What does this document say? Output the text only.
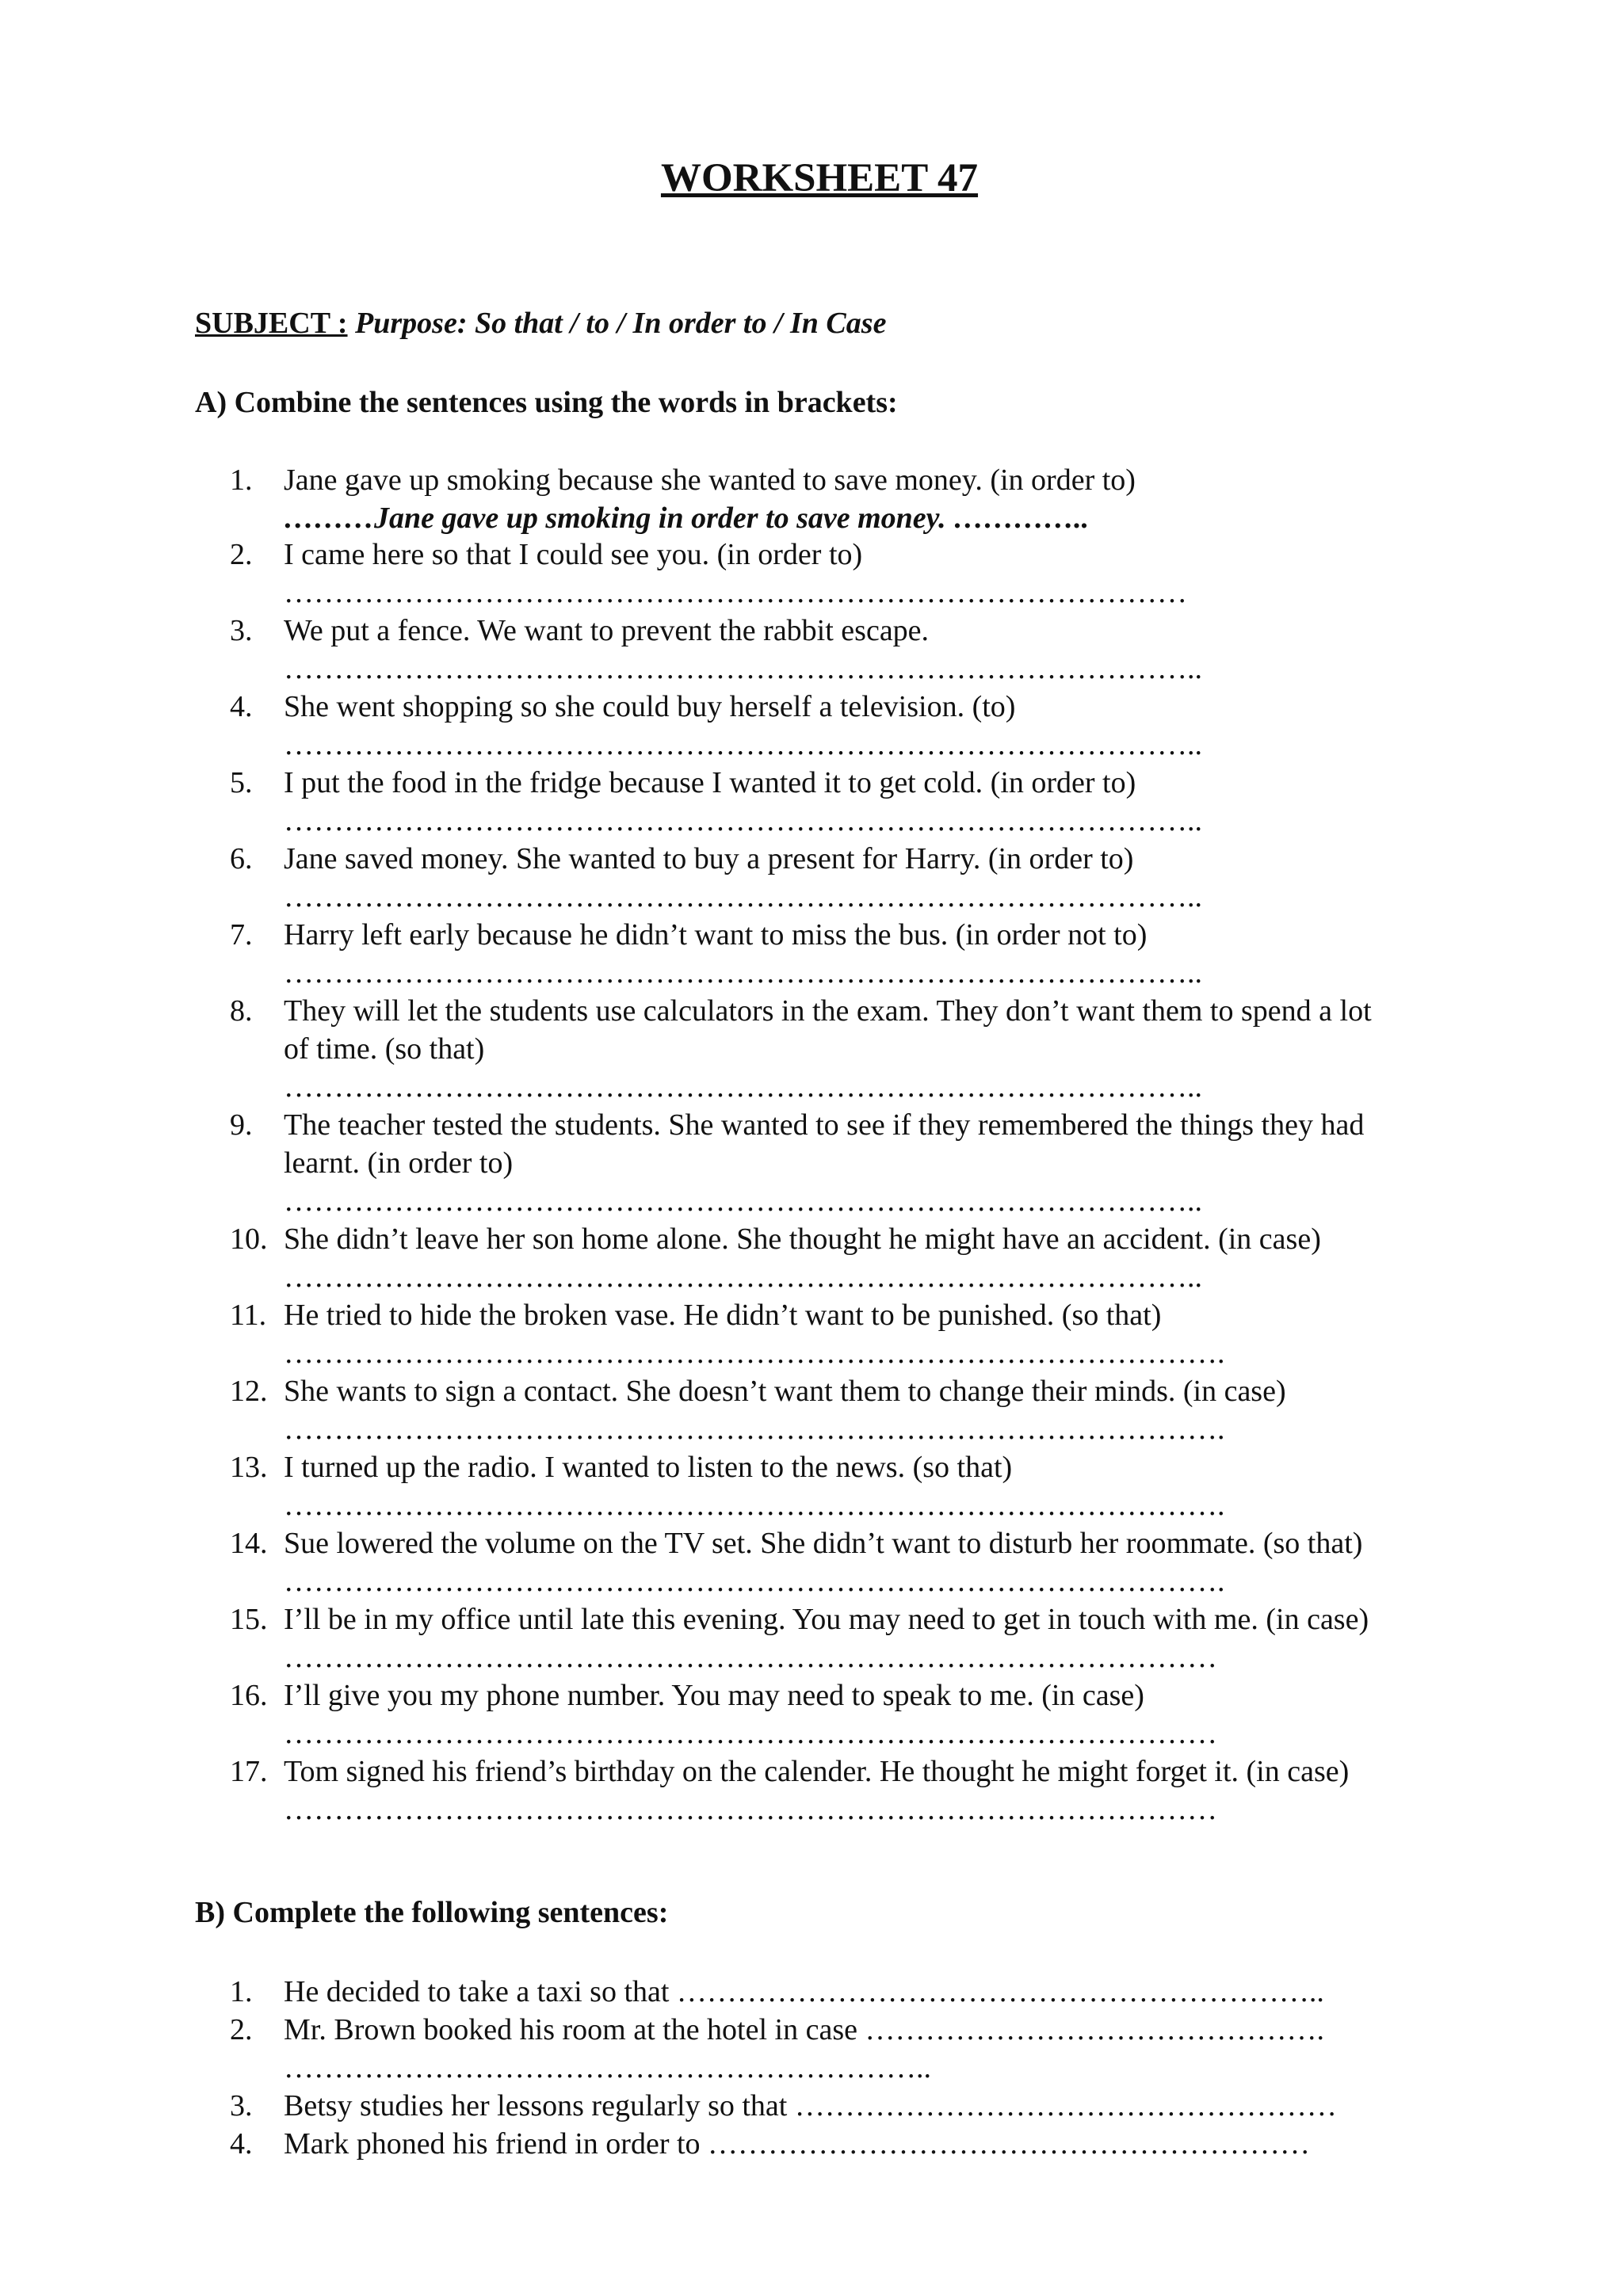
WORKSHEET 47
SUBJECT : Purpose: So that / to / In order to / In Case
A) Combine the sentences using the words in brackets:
1. Jane gave up smoking because she wanted to save money. (in order to)
………Jane gave up smoking in order to save money. …………..
2. I came here so that I could see you. (in order to)
………………………………………………………………………………
3. We put a fence. We want to prevent the rabbit escape.
………………………………………………………………………………..
4. She went shopping so she could buy herself a television. (to)
………………………………………………………………………………..
5. I put the food in the fridge because I wanted it to get cold. (in order to)
………………………………………………………………………………..
6. Jane saved money. She wanted to buy a present for Harry. (in order to)
………………………………………………………………………………..
7. Harry left early because he didn’t want to miss the bus. (in order not to)
………………………………………………………………………………..
8. They will let the students use calculators in the exam. They don’t want them to spend a lot
of time. (so that)
………………………………………………………………………………..
9. The teacher tested the students. She wanted to see if they remembered the things they had
learnt. (in order to)
………………………………………………………………………………..
10. She didn’t leave her son home alone. She thought he might have an accident. (in case)
………………………………………………………………………………..
11. He tried to hide the broken vase. He didn’t want to be punished. (so that)
………………………………………………………………………………….
12. She wants to sign a contact. She doesn’t want them to change their minds. (in case)
………………………………………………………………………………….
13. I turned up the radio. I wanted to listen to the news. (so that)
………………………………………………………………………………….
14. Sue lowered the volume on the TV set. She didn’t want to disturb her roommate. (so that)
………………………………………………………………………………….
15. I’ll be in my office until late this evening. You may need to get in touch with me. (in case)
…………………………………………………………………………………
16. I’ll give you my phone number. You may need to speak to me. (in case)
…………………………………………………………………………………
17. Tom signed his friend’s birthday on the calender. He thought he might forget it. (in case)
…………………………………………………………………………………
B) Complete the following sentences:
1. He decided to take a taxi so that ………………………………………………………..
2. Mr. Brown booked his room at the hotel in case ……………………………………….
………………………………………………………..
3. Betsy studies her lessons regularly so that ………………………………………………
4. Mark phoned his friend in order to ……………………………………………………
